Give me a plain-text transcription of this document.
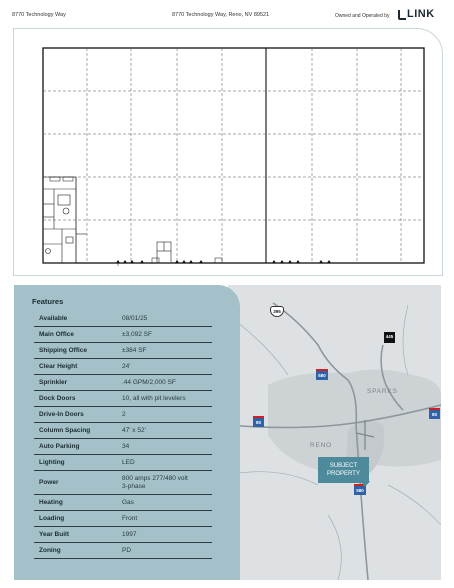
8770 Technology Way	8770 Technology Way, Reno, NV 89521	Owned and Operated by LINK
SPARKS
RENO
395
445
580
80
80
580
SUBJECT
PROPERTY
Features
Available	08/01/25
Main Office	±3,092 SF
Shipping Office	±384 SF
Clear Height	24'
Sprinkler	.44 GPM/2,000 SF
Dock Doors	10, all with pit levelers
Drive-In Doors	2
Column Spacing	47' x 52'
Auto Parking	34
Lighting	LED
Power
800 amps 277/480 volt
3-phase
Heating	Gas
Loading	Front
Year Built	1997
Zoning	PD
